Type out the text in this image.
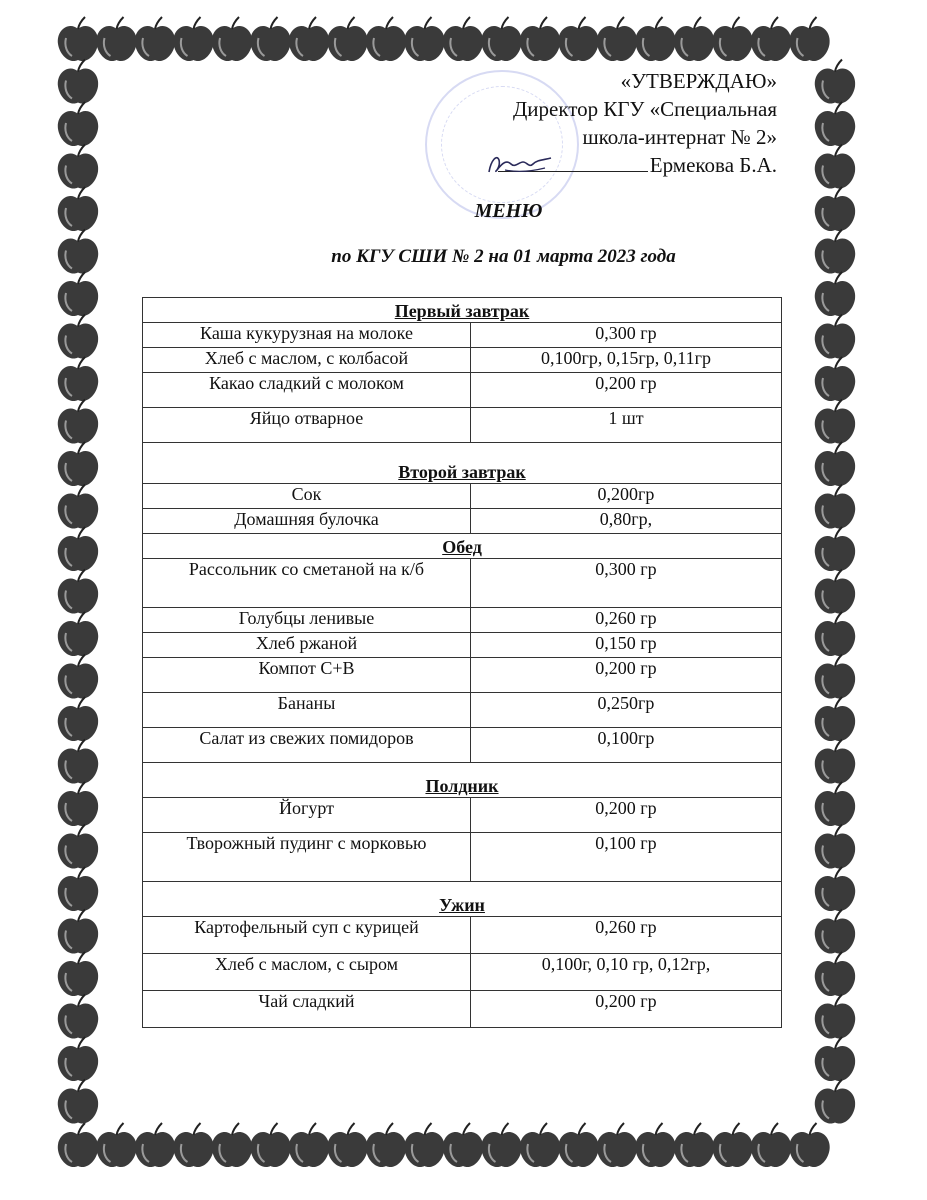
«УТВЕРЖДАЮ»
Директор КГУ «Специальная
школа-интернат № 2»
Ермекова Б.А.
МЕНЮ
по КГУ СШИ № 2 на 01 марта 2023 года
Первый завтрак	
Каша кукурузная на молоке	0,300 гр
Хлеб с маслом, с колбасой	0,100гр, 0,15гр, 0,11гр
Какао сладкий с молоком	0,200 гр
Яйцо отварное	1 шт
Второй завтрак	
Сок	0,200гр
Домашняя булочка	0,80гр,
Обед	
Рассольник со сметаной на к/б	0,300 гр
Голубцы ленивые	0,260 гр
Хлеб ржаной	0,150 гр
Компот С+В	0,200 гр
Бананы	0,250гр
Салат из свежих помидоров	0,100гр
Полдник	
Йогурт	0,200 гр
Творожный пудинг с морковью	0,100 гр
Ужин	
Картофельный суп с курицей	0,260 гр
Хлеб с маслом, с сыром	0,100г, 0,10 гр, 0,12гр,
Чай сладкий	0,200 гр
